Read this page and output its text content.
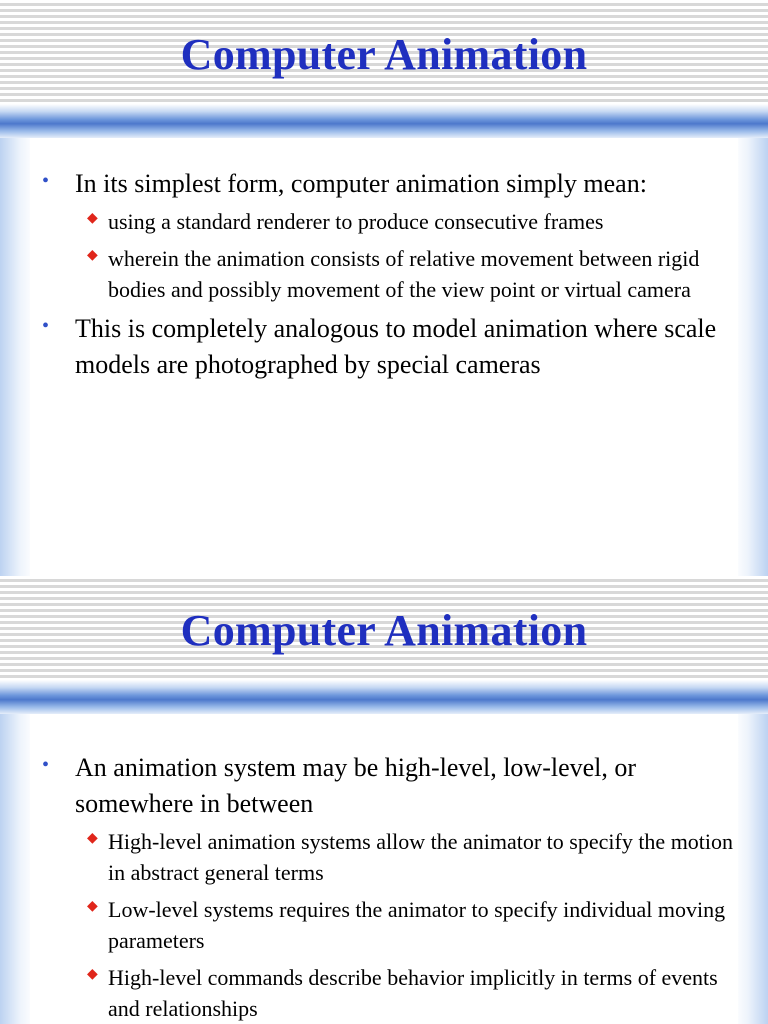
Computer Animation
• In its simplest form, computer animation simply mean:
◆ using a standard renderer to produce consecutive frames
◆ wherein the animation consists of relative movement between rigid bodies and possibly movement of the view point or virtual camera
• This is completely analogous to model animation where scale models are photographed by special cameras
Computer Animation
• An animation system may be high-level, low-level, or somewhere in between
◆ High-level animation systems allow the animator to specify the motion in abstract general terms
◆ Low-level systems requires the animator to specify individual moving parameters
◆ High-level commands describe behavior implicitly in terms of events and relationships
